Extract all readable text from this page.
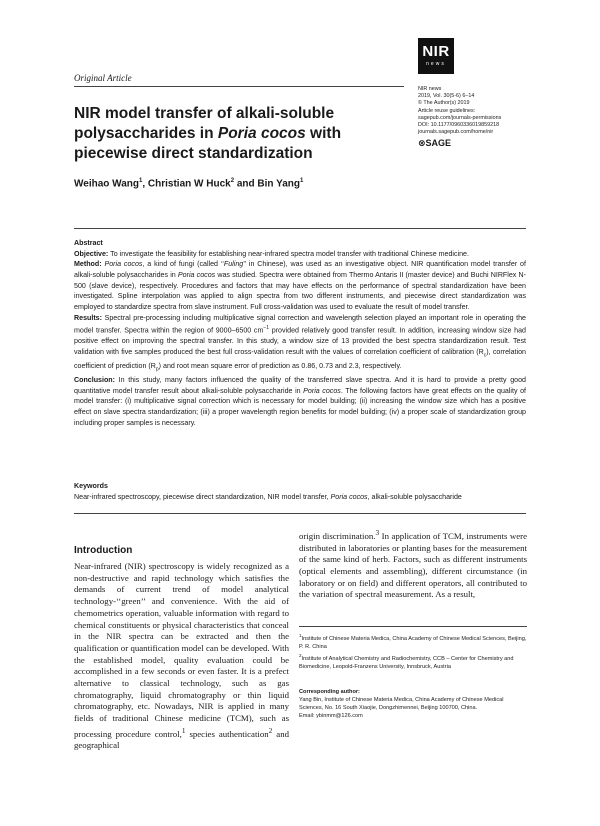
NIR
news
Original Article
NIR news
2019, Vol. 30(5-6) 6–14
© The Author(s) 2019
Article reuse guidelines:
sagepub.com/journals-permissions
DOI: 10.1177/0960336019859218
journals.sagepub.com/home/nir
⊗SAGE
NIR model transfer of alkali-soluble polysaccharides in Poria cocos with piecewise direct standardization
Weihao Wang$^1$, Christian W Huck$^2$ and Bin Yang$^1$
Abstract

Objective: To investigate the feasibility for establishing near-infrared spectra model transfer with traditional Chinese medicine.

Method: Poria cocos, a kind of fungi (called ‘‘Fuling’’ in Chinese), was used as an investigative object. NIR quantification model transfer of alkali-soluble polysaccharides in Poria cocos was studied. Spectra were obtained from Thermo Antaris II (master device) and Buchi NIRFlex N-500 (slave device), respectively. Procedures and factors that may have effects on the performance of spectral standardization have been investigated. Spline interpolation was applied to align spectra from two different instruments, and piecewise direct standardization was employed to standardize spectra from slave instrument. Full cross-validation was used to evaluate the result of model transfer.

Results: Spectral pre-processing including multiplicative signal correction and wavelength selection played an important role in operating the model transfer. Spectra within the region of 9000–6500 $cm^{-1}$ provided relatively good transfer result. In addition, increasing window size had positive effect on improving the spectral transfer. In this study, a window size of 13 provided the best spectra standardization result. Test validation with five samples produced the best full cross-validation result with the values of correlation coefficient of calibration $(R_c)$, correlation coefficient of prediction $(R_p)$ and root mean square error of prediction as 0.86, 0.73 and 2.3, respectively.

Conclusion: In this study, many factors influenced the quality of the transferred slave spectra. And it is hard to provide a pretty good quantitative model transfer result about alkali-soluble polysaccharide in Poria cocos. The following factors have great effects on the quality of model transfer: (i) multiplicative signal correction which is necessary for model building; (ii) increasing the window size which has a positive effect on slave spectra standardization; (iii) a proper wavelength region benefits for model building; (iv) a proper scale of standardization group including proper samples is necessary.

Keywords
Near-infrared spectroscopy, piecewise direct standardization, NIR model transfer, Poria cocos, alkali-soluble polysaccharide
Introduction

Near-infrared (NIR) spectroscopy is widely recognized as a non-destructive and rapid technology which satisfies the demands of current trend of model analytical technology-‘‘green’’ and convenience. With the aid of chemometrics operation, valuable information with regard to chemical constituents or physical characteristics that conceal in the NIR spectra can be extracted and then the qualification or quantification model can be developed. With the established model, quality evaluation could be accomplished in a few seconds or even faster. It is a prefect alternative to classical technology, such as gas chromatography, liquid chromatography or thin liquid chromatography, etc. Nowadays, NIR is applied in many fields of traditional Chinese medicine (TCM), such as processing procedure control,$^1$ species authentication$^2$ and geographical

origin discrimination.$^3$ In application of TCM, instruments were distributed in laboratories or planting bases for the measurement of the same kind of herb. Factors, such as different instruments (optical elements and assembling), different circumstance (in laboratory or on field) and different operators, all contributed to the variation of spectral measurement. As a result,

$^1$Institute of Chinese Materia Medica, China Academy of Chinese Medical Sciences, Beijing, P. R. China
$^2$Institute of Analytical Chemistry and Radiochemistry, CCB – Center for Chemistry and Biomedicine, Leopold-Franzens University, Innsbruck, Austria
Corresponding author:
Yang Bin, Institute of Chinese Materia Medica, China Academy of Chinese Medical Sciences, No. 16 South Xiaojie, Dongzhimennei, Beijing 100700, China.
Email: ybinmm@126.com
